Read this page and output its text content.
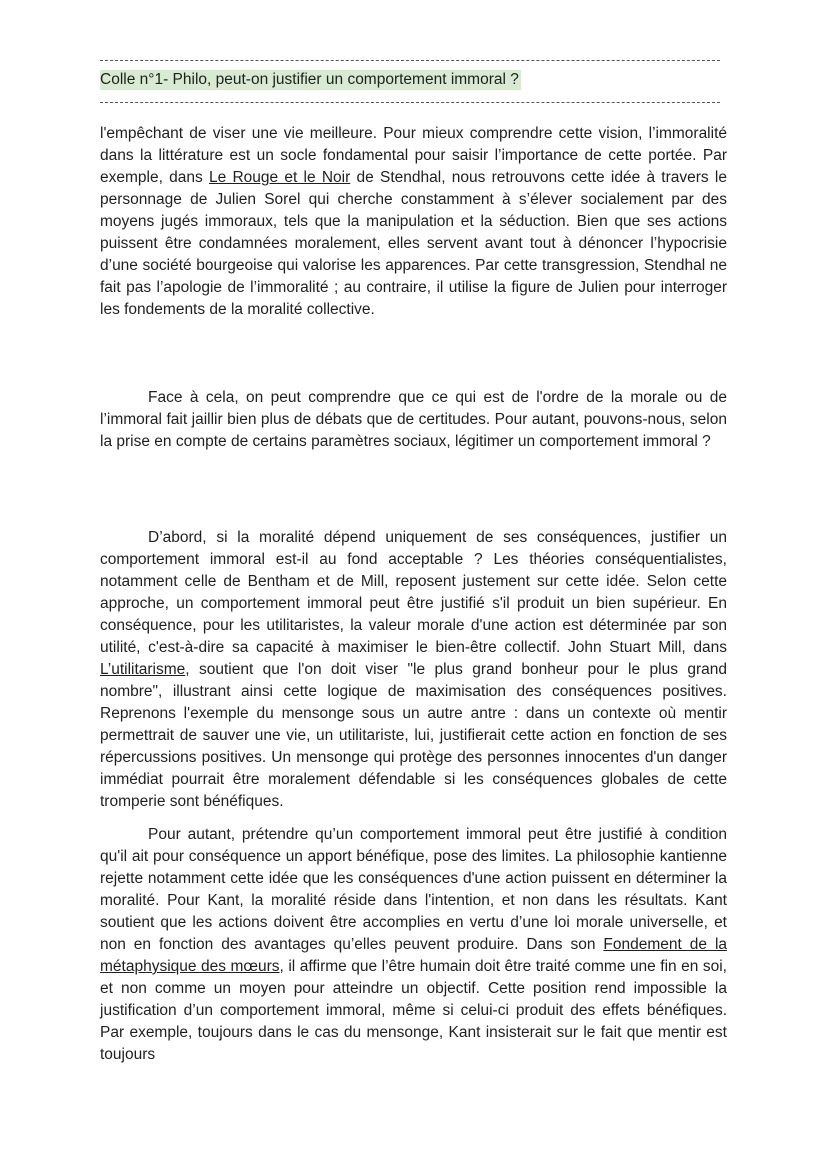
Colle n°1- Philo, peut-on justifier un comportement immoral ?

l'empêchant de viser une vie meilleure. Pour mieux comprendre cette vision, l’immoralité dans la littérature est un socle fondamental pour saisir l’importance de cette portée. Par exemple, dans Le Rouge et le Noir de Stendhal, nous retrouvons cette idée à travers le personnage de Julien Sorel qui cherche constamment à s’élever socialement par des moyens jugés immoraux, tels que la manipulation et la séduction. Bien que ses actions puissent être condamnées moralement, elles servent avant tout à dénoncer l’hypocrisie d’une société bourgeoise qui valorise les apparences. Par cette transgression, Stendhal ne fait pas l’apologie de l’immoralité ; au contraire, il utilise la figure de Julien pour interroger les fondements de la moralité collective.

Face à cela, on peut comprendre que ce qui est de l'ordre de la morale ou de l’immoral fait jaillir bien plus de débats que de certitudes. Pour autant, pouvons-nous, selon la prise en compte de certains paramètres sociaux, légitimer un comportement immoral ?

D’abord, si la moralité dépend uniquement de ses conséquences, justifier un comportement immoral est-il au fond acceptable ? Les théories conséquentialistes, notamment celle de Bentham et de Mill, reposent justement sur cette idée. Selon cette approche, un comportement immoral peut être justifié s'il produit un bien supérieur. En conséquence, pour les utilitaristes, la valeur morale d'une action est déterminée par son utilité, c'est-à-dire sa capacité à maximiser le bien-être collectif. John Stuart Mill, dans L’utilitarisme, soutient que l'on doit viser "le plus grand bonheur pour le plus grand nombre", illustrant ainsi cette logique de maximisation des conséquences positives. Reprenons l'exemple du mensonge sous un autre antre : dans un contexte où mentir permettrait de sauver une vie, un utilitariste, lui, justifierait cette action en fonction de ses répercussions positives. Un mensonge qui protège des personnes innocentes d'un danger immédiat pourrait être moralement défendable si les conséquences globales de cette tromperie sont bénéfiques.

Pour autant, prétendre qu’un comportement immoral peut être justifié à condition qu'il ait pour conséquence un apport bénéfique, pose des limites. La philosophie kantienne rejette notamment cette idée que les conséquences d'une action puissent en déterminer la moralité. Pour Kant, la moralité réside dans l'intention, et non dans les résultats. Kant soutient que les actions doivent être accomplies en vertu d’une loi morale universelle, et non en fonction des avantages qu’elles peuvent produire. Dans son Fondement de la métaphysique des mœurs, il affirme que l’être humain doit être traité comme une fin en soi, et non comme un moyen pour atteindre un objectif. Cette position rend impossible la justification d’un comportement immoral, même si celui-ci produit des effets bénéfiques. Par exemple, toujours dans le cas du mensonge, Kant insisterait sur le fait que mentir est toujours
